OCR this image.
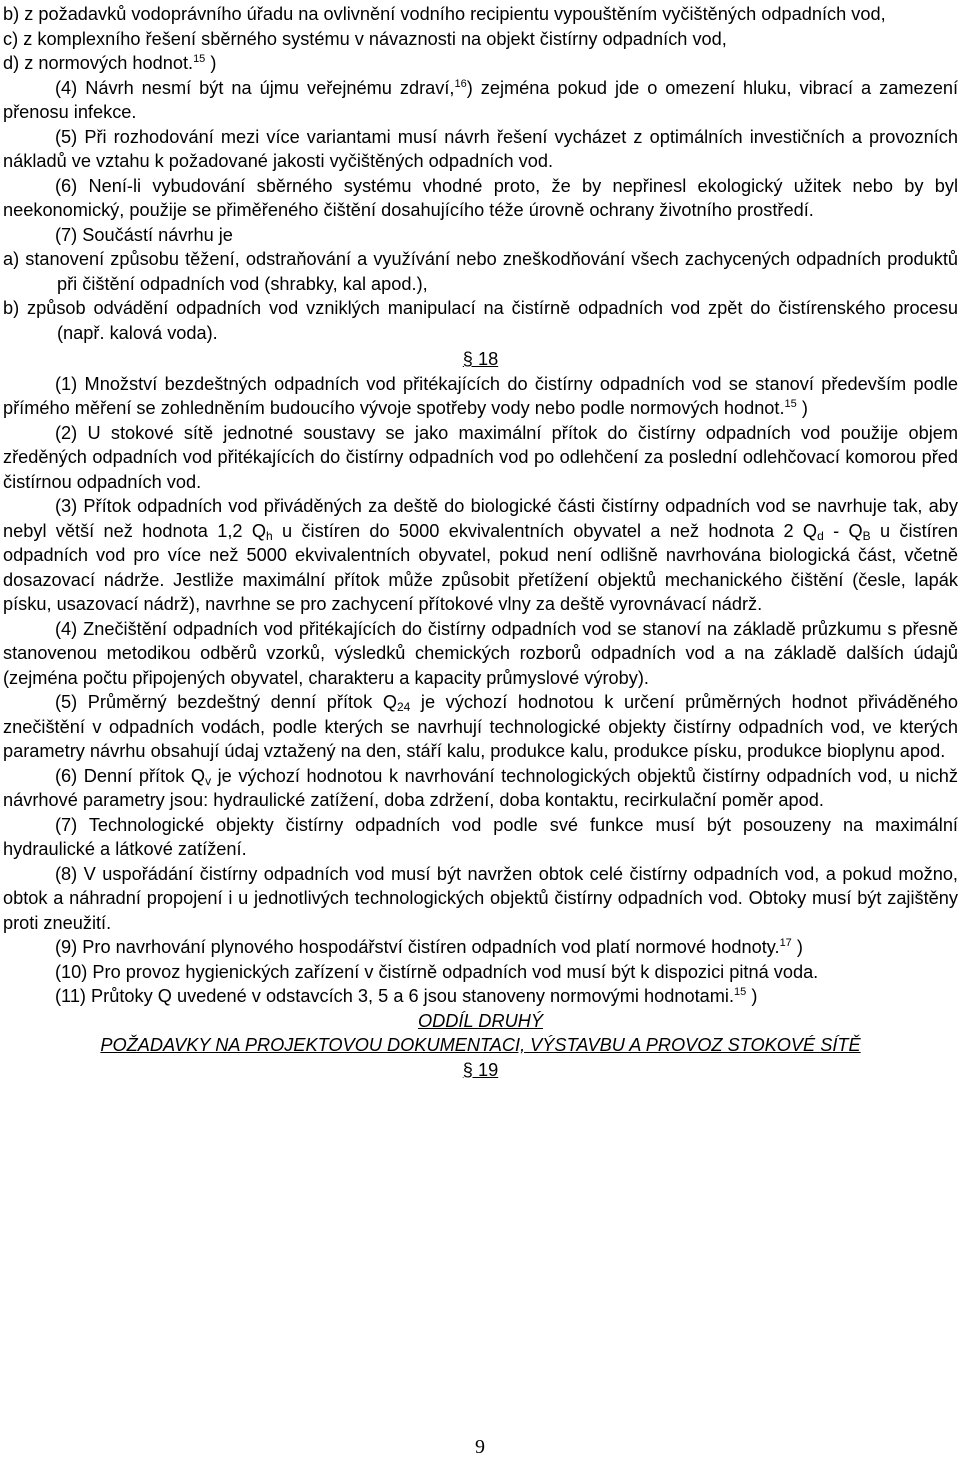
b) z požadavků vodoprávního úřadu na ovlivnění vodního recipientu vypouštěním vyčištěných odpadních vod,

c) z komplexního řešení sběrného systému v návaznosti na objekt čistírny odpadních vod,

d) z normových hodnot.$^{15}$ )

(4) Návrh nesmí být na újmu veřejnému zdraví,$^{16}$) zejména pokud jde o omezení hluku, vibrací a zamezení přenosu infekce.

(5) Při rozhodování mezi více variantami musí návrh řešení vycházet z optimálních investičních a provozních nákladů ve vztahu k požadované jakosti vyčištěných odpadních vod.

(6) Není-li vybudování sběrného systému vhodné proto, že by nepřinesl ekologický užitek nebo by byl neekonomický, použije se přiměřeného čištění dosahujícího téže úrovně ochrany životního prostředí.

(7) Součástí návrhu je

a) stanovení způsobu těžení, odstraňování a využívání nebo zneškodňování všech zachycených odpadních produktů při čištění odpadních vod (shrabky, kal apod.),

b) způsob odvádění odpadních vod vzniklých manipulací na čistírně odpadních vod zpět do čistírenského procesu (např. kalová voda).

§ 18

(1) Množství bezdeštných odpadních vod přitékajících do čistírny odpadních vod se stanoví především podle přímého měření se zohledněním budoucího vývoje spotřeby vody nebo podle normových hodnot.$^{15}$ )

(2) U stokové sítě jednotné soustavy se jako maximální přítok do čistírny odpadních vod použije objem zředěných odpadních vod přitékajících do čistírny odpadních vod po odlehčení za poslední odlehčovací komorou před čistírnou odpadních vod.

(3) Přítok odpadních vod přiváděných za deště do biologické části čistírny odpadních vod se navrhuje tak, aby nebyl větší než hodnota 1,2 $Q_h$ u čistíren do 5000 ekvivalentních obyvatel a než hodnota 2 $Q_d - Q_B$ u čistíren odpadních vod pro více než 5000 ekvivalentních obyvatel, pokud není odlišně navrhována biologická část, včetně dosazovací nádrže. Jestliže maximální přítok může způsobit přetížení objektů mechanického čištění (česle, lapák písku, usazovací nádrž), navrhne se pro zachycení přítokové vlny za deště vyrovnávací nádrž.

(4) Znečištění odpadních vod přitékajících do čistírny odpadních vod se stanoví na základě průzkumu s přesně stanovenou metodikou odběrů vzorků, výsledků chemických rozborů odpadních vod a na základě dalších údajů (zejména počtu připojených obyvatel, charakteru a kapacity průmyslové výroby).

(5) Průměrný bezdeštný denní přítok $Q_{24}$ je výchozí hodnotou k určení průměrných hodnot přiváděného znečištění v odpadních vodách, podle kterých se navrhují technologické objekty čistírny odpadních vod, ve kterých parametry návrhu obsahují údaj vztažený na den, stáří kalu, produkce kalu, produkce písku, produkce bioplynu apod.

(6) Denní přítok $Q_v$ je výchozí hodnotou k navrhování technologických objektů čistírny odpadních vod, u nichž návrhové parametry jsou: hydraulické zatížení, doba zdržení, doba kontaktu, recirkulační poměr apod.

(7) Technologické objekty čistírny odpadních vod podle své funkce musí být posouzeny na maximální hydraulické a látkové zatížení.

(8) V uspořádání čistírny odpadních vod musí být navržen obtok celé čistírny odpadních vod, a pokud možno, obtok a náhradní propojení i u jednotlivých technologických objektů čistírny odpadních vod. Obtoky musí být zajištěny proti zneužití.

(9) Pro navrhování plynového hospodářství čistíren odpadních vod platí normové hodnoty.$^{17}$ )

(10) Pro provoz hygienických zařízení v čistírně odpadních vod musí být k dispozici pitná voda.

(11) Průtoky Q uvedené v odstavcích 3, 5 a 6 jsou stanoveny normovými hodnotami.$^{15}$ )

ODDÍL DRUHÝ

POŽADAVKY NA PROJEKTOVOU DOKUMENTACI, VÝSTAVBU A PROVOZ STOKOVÉ SÍTĚ

§ 19

9
